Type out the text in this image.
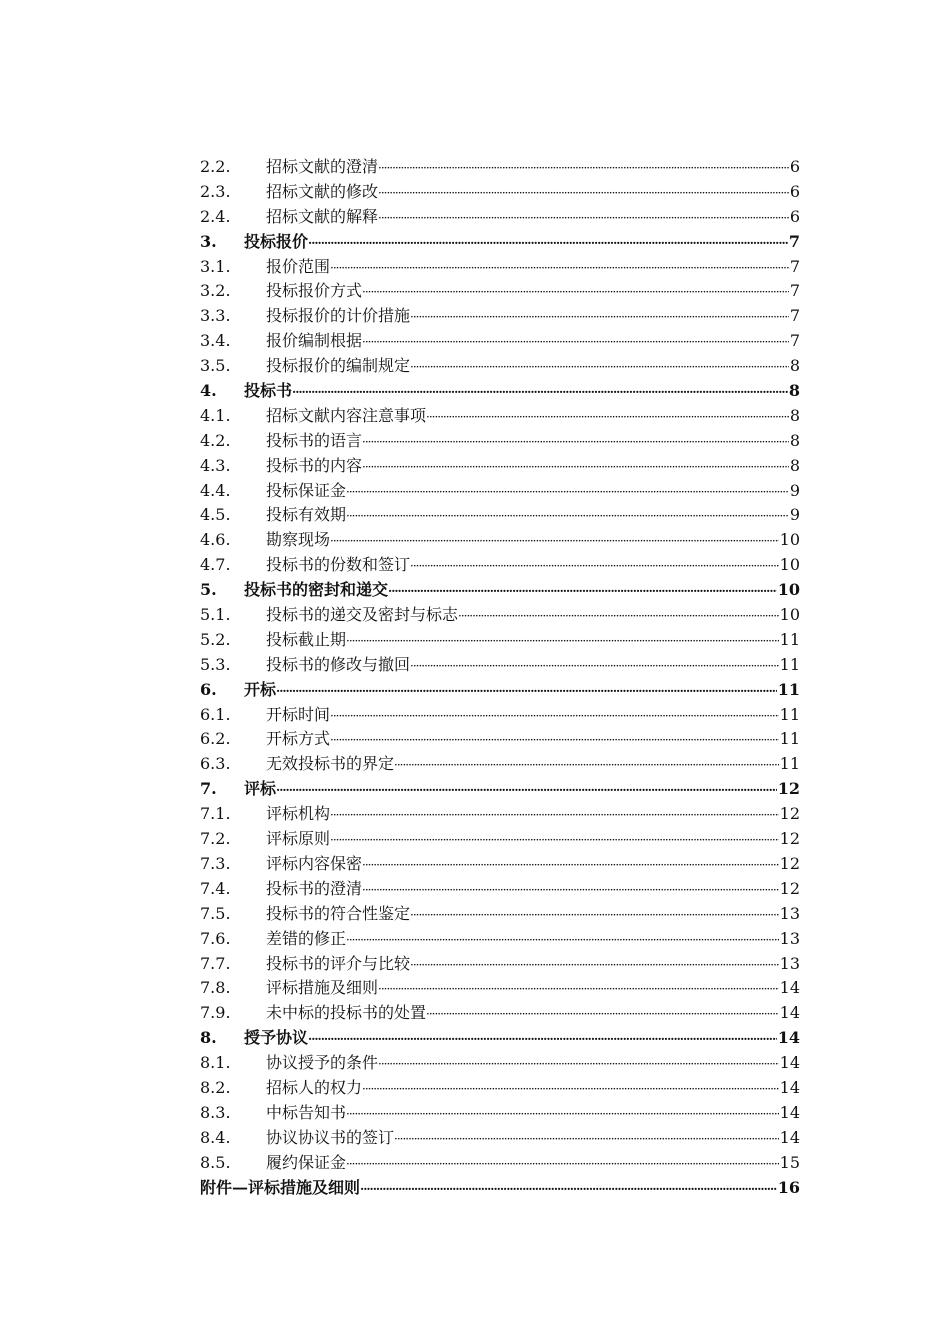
2.2.	招标文献的澄清 ·····	6
2.3.	招标文献的修改 ·····	6
2.4.	招标文献的解释 ·····	6
3.	投标报价 ·····	7
3.1.	报价范围 ·····	7
3.2.	投标报价方式 ·····	7
3.3.	投标报价的计价措施 ·····	7
3.4.	报价编制根据 ·····	7
3.5.	投标报价的编制规定 ·····	8
4.	投标书 ·····	8
4.1.	招标文献内容注意事项 ·····	8
4.2.	投标书的语言 ·····	8
4.3.	投标书的内容 ·····	8
4.4.	投标保证金 ·····	9
4.5.	投标有效期 ·····	9
4.6.	勘察现场 ·····	10
4.7.	投标书的份数和签订 ·····	10
5.	投标书的密封和递交 ·····	10
5.1.	投标书的递交及密封与标志 ·····	10
5.2.	投标截止期 ·····	11
5.3.	投标书的修改与撤回 ·····	11
6.	开标 ·····	11
6.1.	开标时间 ·····	11
6.2.	开标方式 ·····	11
6.3.	无效投标书的界定 ·····	11
7.	评标 ·····	12
7.1.	评标机构 ·····	12
7.2.	评标原则 ·····	12
7.3.	评标内容保密 ·····	12
7.4.	投标书的澄清 ·····	12
7.5.	投标书的符合性鉴定 ·····	13
7.6.	差错的修正 ·····	13
7.7.	投标书的评介与比较 ·····	13
7.8.	评标措施及细则 ·····	14
7.9.	未中标的投标书的处置 ·····	14
8.	授予协议 ·····	14
8.1.	协议授予的条件 ·····	14
8.2.	招标人的权力 ·····	14
8.3.	中标告知书 ·····	14
8.4.	协议协议书的签订 ·····	14
8.5.	履约保证金 ·····	15
附件—评标措施及细则 ·····	16
